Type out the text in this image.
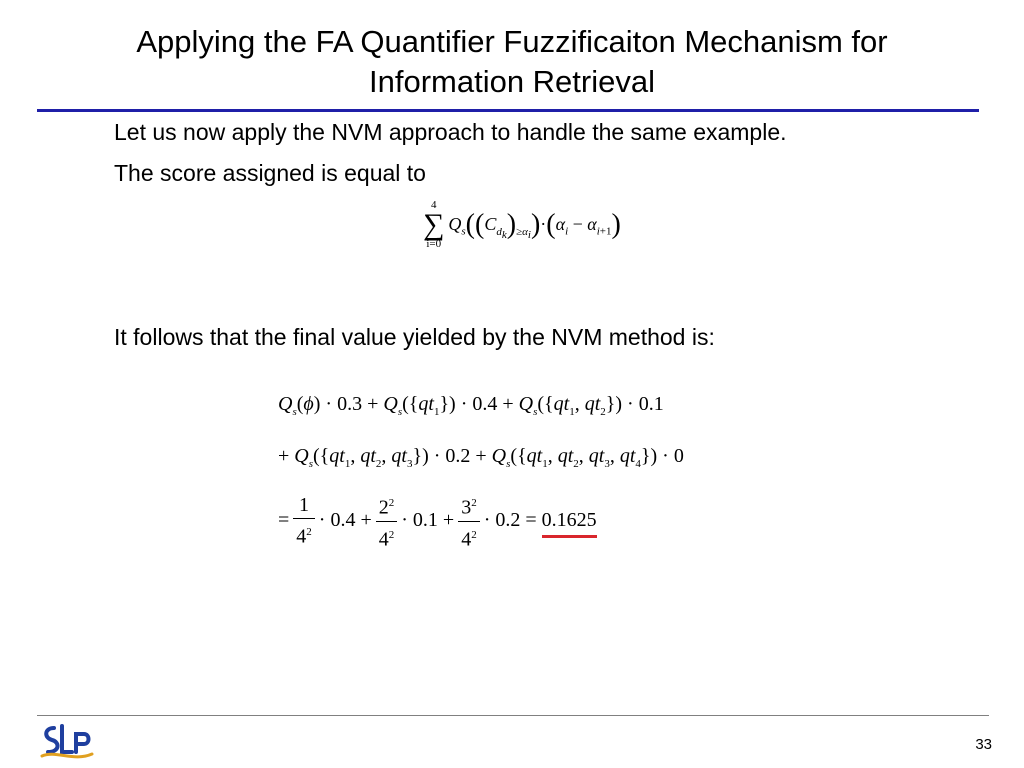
Applying the FA Quantifier Fuzzificaiton Mechanism for
Information Retrieval
Let us now apply the NVM approach to handle the same example.
The score assigned is equal to
4
∑
i=0
$Q_s((C_{d_k})_{\ge\alpha_i})\cdot(\alpha_i - \alpha_{i+1})$
It follows that the final value yielded by the NVM method is:
$Q_s(\phi) \cdot 0.3 + Q_s(\{qt_1\}) \cdot 0.4 + Q_s(\{qt_1$, $qt_2\}) \cdot 0.1$
+ $Q_s(\{qt_1$, $qt_2$, $qt_3\}) \cdot 0.2 + Q_s(\{qt_1$, $qt_2$, $qt_3$, $qt_4\}) \cdot 0$
= $\frac{1}{4^2} \cdot 0.4 + \frac{2^2}{4^2} \cdot 0.1 + \frac{3^2}{4^2} \cdot 0.2 = 0.1625$
33
